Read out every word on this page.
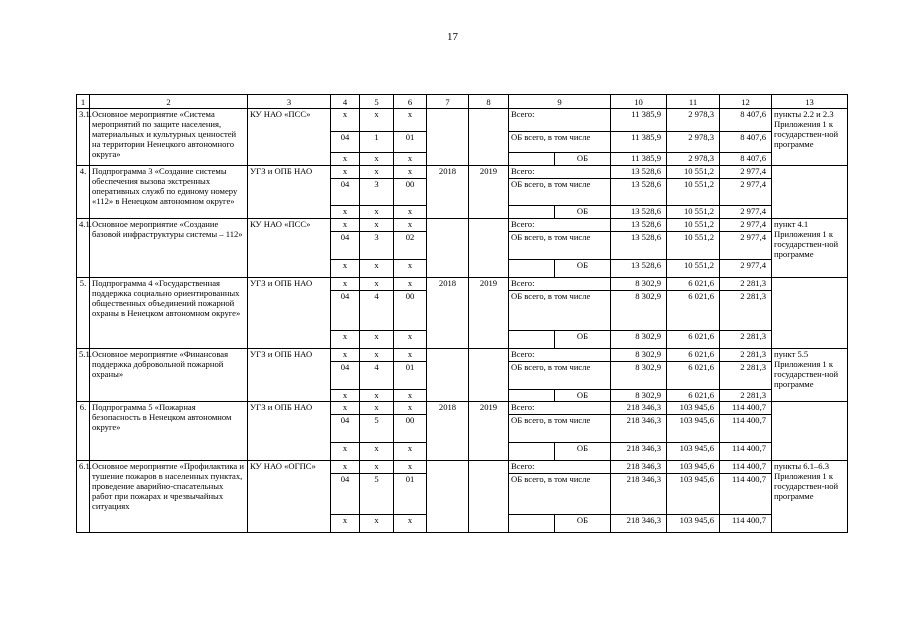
17
1	2	3	4	5	6	7	8	9		10	11	12	13
3.1.	Основное мероприятие «Система мероприятий по защите населения, материальных и культурных ценностей на территории Ненецкого автономного округа»	КУ НАО «ПСС»	х	х	х			Всего:		11 385,9	2 978,3	8 407,6	пункты 2.2 и 2.3 Приложения 1 к государствен-ной программе
			04	1	01			ОБ всего, в том числе		11 385,9	2 978,3	8 407,6	
			х	х	х				ОБ	11 385,9	2 978,3	8 407,6	
4.	Подпрограмма 3 «Создание системы обеспечения вызова экстренных оперативных служб по единому номеру «112» в Ненецком автономном округе»	УГЗ и ОПБ НАО	х	х	х	2018	2019	Всего:		13 528,6	10 551,2	2 977,4	
			04	3	00			ОБ всего, в том числе		13 528,6	10 551,2	2 977,4	
			х	х	х				ОБ	13 528,6	10 551,2	2 977,4	
4.1.	Основное мероприятие «Создание базовой инфраструктуры системы – 112»	КУ НАО «ПСС»	х	х	х			Всего:		13 528,6	10 551,2	2 977,4	пункт 4.1 Приложения 1 к государствен-ной программе
			04	3	02			ОБ всего, в том числе		13 528,6	10 551,2	2 977,4	
			х	х	х				ОБ	13 528,6	10 551,2	2 977,4	
5.	Подпрограмма 4 «Государственная поддержка социально ориентированных общественных объединений пожарной охраны в Ненецком автономном округе»	УГЗ и ОПБ НАО	х	х	х	2018	2019	Всего:		8 302,9	6 021,6	2 281,3	
			04	4	00			ОБ всего, в том числе		8 302,9	6 021,6	2 281,3	
			х	х	х				ОБ	8 302,9	6 021,6	2 281,3	
5.1.	Основное мероприятие «Финансовая поддержка добровольной пожарной охраны»	УГЗ и ОПБ НАО	х	х	х			Всего:		8 302,9	6 021,6	2 281,3	пункт 5.5 Приложения 1 к государствен-ной программе
			04	4	01			ОБ всего, в том числе		8 302,9	6 021,6	2 281,3	
			х	х	х				ОБ	8 302,9	6 021,6	2 281,3	
6.	Подпрограмма 5 «Пожарная безопасность в Ненецком автономном округе»	УГЗ и ОПБ НАО	х	х	х	2018	2019	Всего:		218 346,3	103 945,6	114 400,7	
			04	5	00			ОБ всего, в том числе		218 346,3	103 945,6	114 400,7	
			х	х	х				ОБ	218 346,3	103 945,6	114 400,7	
6.1.	Основное мероприятие «Профилактика и тушение пожаров в населенных пунктах, проведение аварийно-спасательных работ при пожарах и чрезвычайных ситуациях	КУ НАО «ОГПС»	х	х	х			Всего:		218 346,3	103 945,6	114 400,7	пункты 6.1–6.3 Приложения 1 к государствен-ной программе
			04	5	01			ОБ всего, в том числе		218 346,3	103 945,6	114 400,7	
			х	х	х				ОБ	218 346,3	103 945,6	114 400,7	
